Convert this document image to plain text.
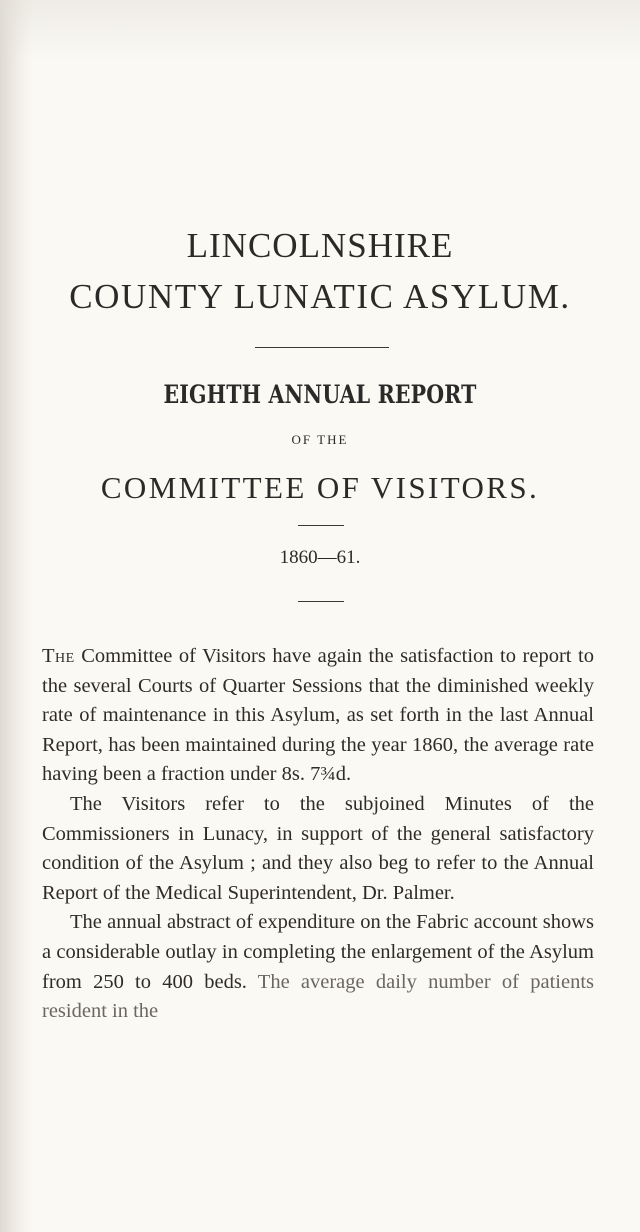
LINCOLNSHIRE
COUNTY LUNATIC ASYLUM.
EIGHTH ANNUAL REPORT
OF THE
COMMITTEE OF VISITORS.
1860—61.

The Committee of Visitors have again the satisfaction to report to the several Courts of Quarter Sessions that the diminished weekly rate of maintenance in this Asylum, as set forth in the last Annual Report, has been maintained during the year 1860, the average rate having been a fraction under 8s. 7¾d.

The Visitors refer to the subjoined Minutes of the Commissioners in Lunacy, in support of the general satisfactory condition of the Asylum ; and they also beg to refer to the Annual Report of the Medical Superintendent, Dr. Palmer.

The annual abstract of expenditure on the Fabric account shows a considerable outlay in completing the enlargement of the Asylum from 250 to 400 beds. The average daily number of patients resident in the
